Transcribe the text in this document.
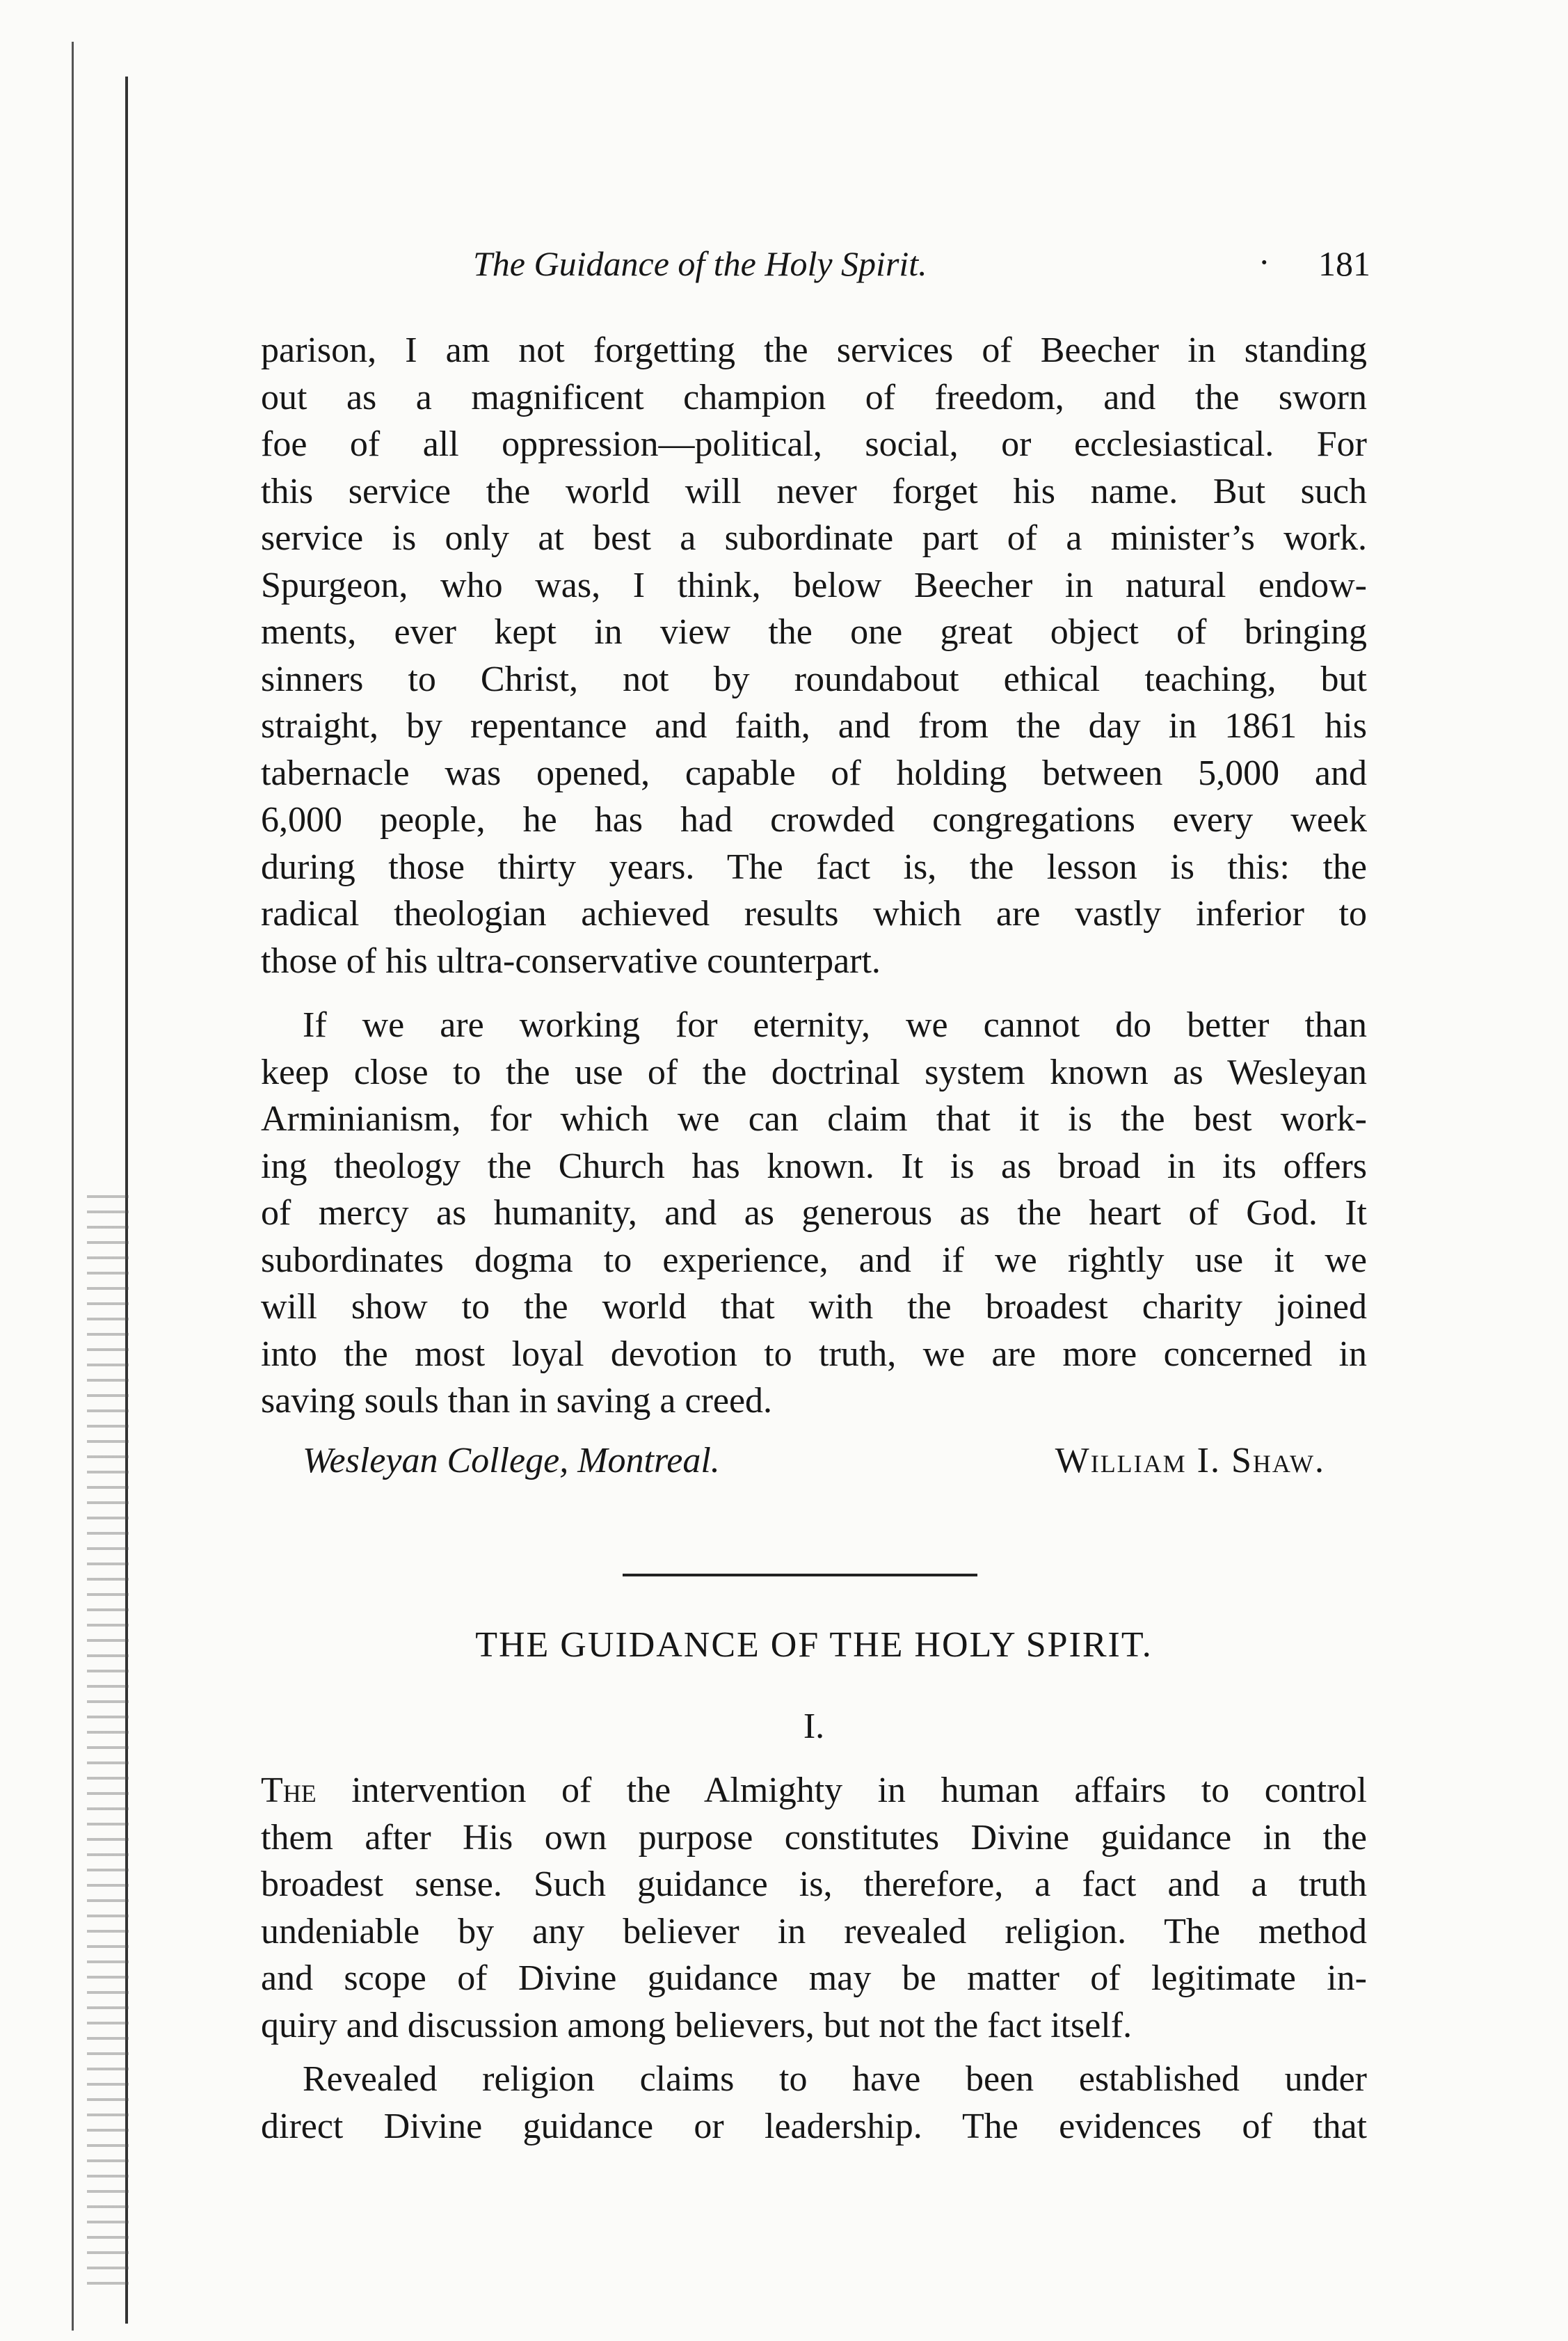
The Guidance of the Holy Spirit.	· 181
parison, I am not forgetting the services of Beecher in standing
out as a magnificent champion of freedom, and the sworn
foe of all oppression—political, social, or ecclesiastical. For
this service the world will never forget his name. But such
service is only at best a subordinate part of a minister’s work.
Spurgeon, who was, I think, below Beecher in natural endow-
ments, ever kept in view the one great object of bringing
sinners to Christ, not by roundabout ethical teaching, but
straight, by repentance and faith, and from the day in 1861 his
tabernacle was opened, capable of holding between 5,000 and
6,000 people, he has had crowded congregations every week
during those thirty years. The fact is, the lesson is this: the
radical theologian achieved results which are vastly inferior to
those of his ultra-conservative counterpart.
If we are working for eternity, we cannot do better than
keep close to the use of the doctrinal system known as Wesleyan
Arminianism, for which we can claim that it is the best work-
ing theology the Church has known. It is as broad in its offers
of mercy as humanity, and as generous as the heart of God. It
subordinates dogma to experience, and if we rightly use it we
will show to the world that with the broadest charity joined
into the most loyal devotion to truth, we are more concerned in
saving souls than in saving a creed.
Wesleyan College, Montreal.	William I. Shaw.
THE GUIDANCE OF THE HOLY SPIRIT.
I.
The intervention of the Almighty in human affairs to control
them after His own purpose constitutes Divine guidance in the
broadest sense. Such guidance is, therefore, a fact and a truth
undeniable by any believer in revealed religion. The method
and scope of Divine guidance may be matter of legitimate in-
quiry and discussion among believers, but not the fact itself.
Revealed religion claims to have been established under
direct Divine guidance or leadership. The evidences of that
